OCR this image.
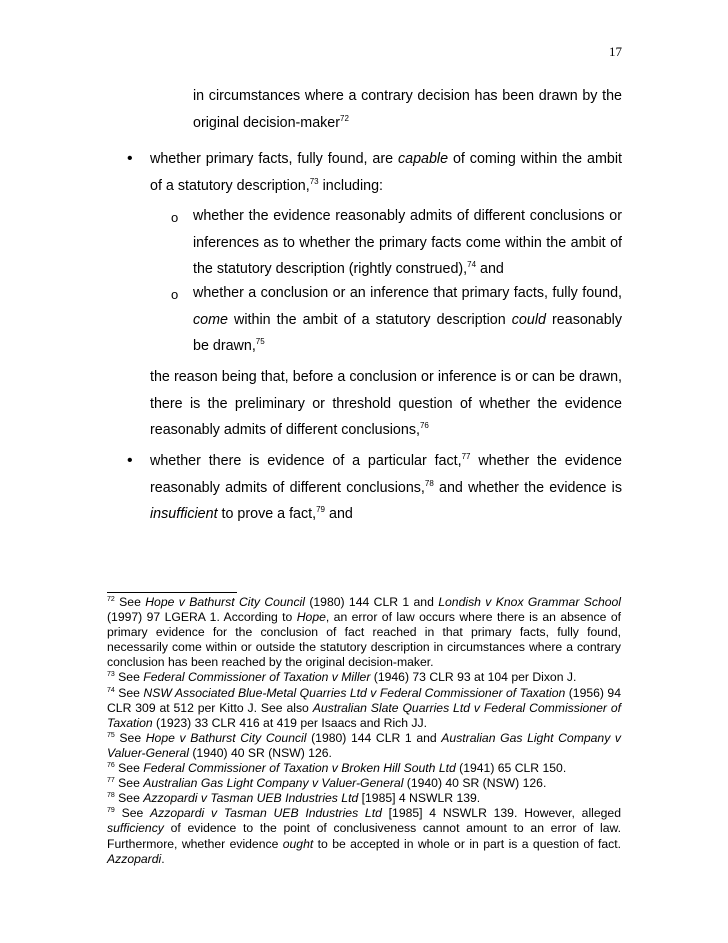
17
in circumstances where a contrary decision has been drawn by the original decision-maker$^{72}$
• whether primary facts, fully found, are capable of coming within the ambit of a statutory description,$^{73}$ including:
o whether the evidence reasonably admits of different conclusions or inferences as to whether the primary facts come within the ambit of the statutory description (rightly construed),$^{74}$ and
o whether a conclusion or an inference that primary facts, fully found, come within the ambit of a statutory description could reasonably be drawn,$^{75}$
the reason being that, before a conclusion or inference is or can be drawn, there is the preliminary or threshold question of whether the evidence reasonably admits of different conclusions,$^{76}$
• whether there is evidence of a particular fact,$^{77}$ whether the evidence reasonably admits of different conclusions,$^{78}$ and whether the evidence is insufficient to prove a fact,$^{79}$ and

$^{72}$ See Hope v Bathurst City Council (1980) 144 CLR 1 and Londish v Knox Grammar School (1997) 97 LGERA 1. According to Hope, an error of law occurs where there is an absence of primary evidence for the conclusion of fact reached in that primary facts, fully found, necessarily come within or outside the statutory description in circumstances where a contrary conclusion has been reached by the original decision-maker.

$^{73}$ See Federal Commissioner of Taxation v Miller (1946) 73 CLR 93 at 104 per Dixon J.

$^{74}$ See NSW Associated Blue-Metal Quarries Ltd v Federal Commissioner of Taxation (1956) 94 CLR 309 at 512 per Kitto J. See also Australian Slate Quarries Ltd v Federal Commissioner of Taxation (1923) 33 CLR 416 at 419 per Isaacs and Rich JJ.

$^{75}$ See Hope v Bathurst City Council (1980) 144 CLR 1 and Australian Gas Light Company v Valuer-General (1940) 40 SR (NSW) 126.

$^{76}$ See Federal Commissioner of Taxation v Broken Hill South Ltd (1941) 65 CLR 150.

$^{77}$ See Australian Gas Light Company v Valuer-General (1940) 40 SR (NSW) 126.

$^{78}$ See Azzopardi v Tasman UEB Industries Ltd [1985] 4 NSWLR 139.

$^{79}$ See Azzopardi v Tasman UEB Industries Ltd [1985] 4 NSWLR 139. However, alleged sufficiency of evidence to the point of conclusiveness cannot amount to an error of law. Furthermore, whether evidence ought to be accepted in whole or in part is a question of fact. Azzopardi.
